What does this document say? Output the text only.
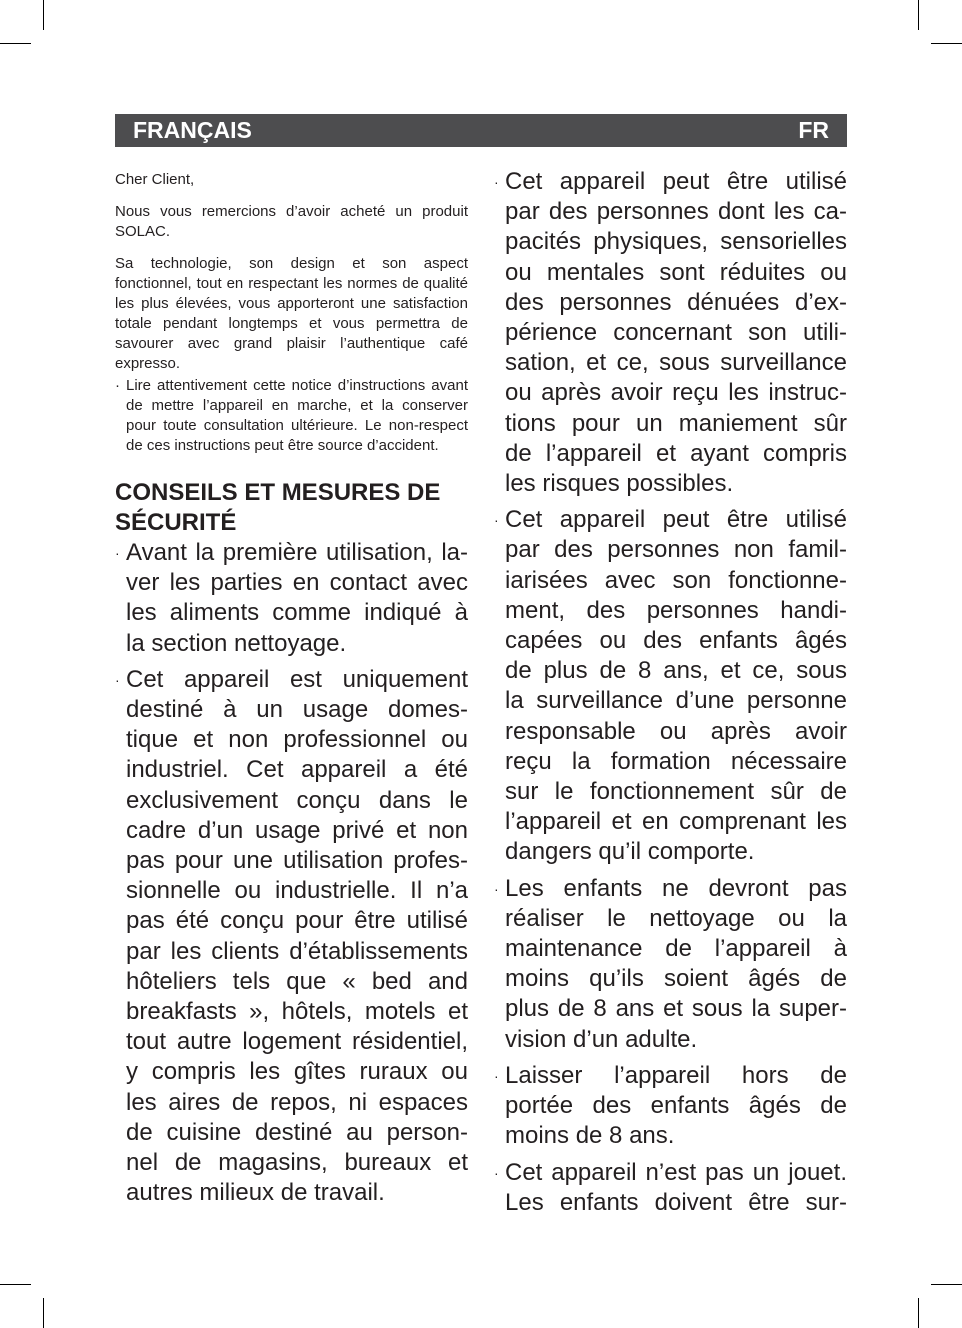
FRANÇAIS	FR

Cher Client,

Nous vous remercions d’avoir acheté un produit SOLAC.

Sa technologie, son design et son aspect fonctionnel, tout en respectant les normes de qualité les plus élevées, vous apporteront une satisfaction totale pendant longtemps et vous permettra de savourer avec grand plaisir l’authentique café expresso.

· Lire attentivement cette notice d’instructions avant de mettre l’appareil en marche, et la conserver pour toute consultation ultérieure. Le non-respect de ces instructions peut être source d’accident.
CONSEILS ET MESURES DE
SÉCURITÉ
· Avant la première utilisation, la-
ver les parties en contact avec
les aliments comme indiqué à
la section nettoyage.
· Cet appareil est uniquement
destiné à un usage domes-
tique et non professionnel ou
industriel. Cet appareil a été
exclusivement conçu dans le
cadre d’un usage privé et non
pas pour une utilisation profes-
sionnelle ou industrielle. Il n’a
pas été conçu pour être utilisé
par les clients d’établissements
hôteliers tels que « bed and
breakfasts », hôtels, motels et
tout autre logement résidentiel,
y compris les gîtes ruraux ou
les aires de repos, ni espaces
de cuisine destiné au person-
nel de magasins, bureaux et
autres milieux de travail.
· Cet appareil peut être utilisé
par des personnes dont les ca-
pacités physiques, sensorielles
ou mentales sont réduites ou
des personnes dénuées d’ex-
périence concernant son utili-
sation, et ce, sous surveillance
ou après avoir reçu les instruc-
tions pour un maniement sûr
de l’appareil et ayant compris
les risques possibles.
· Cet appareil peut être utilisé
par des personnes non famil-
iarisées avec son fonctionne-
ment, des personnes handi-
capées ou des enfants âgés
de plus de 8 ans, et ce, sous
la surveillance d’une personne
responsable ou après avoir
reçu la formation nécessaire
sur le fonctionnement sûr de
l’appareil et en comprenant les
dangers qu’il comporte.
· Les enfants ne devront pas
réaliser le nettoyage ou la
maintenance de l’appareil à
moins qu’ils soient âgés de
plus de 8 ans et sous la super-
vision d’un adulte.
· Laisser l’appareil hors de
portée des enfants âgés de
moins de 8 ans.
· Cet appareil n’est pas un jouet.
Les enfants doivent être sur-
